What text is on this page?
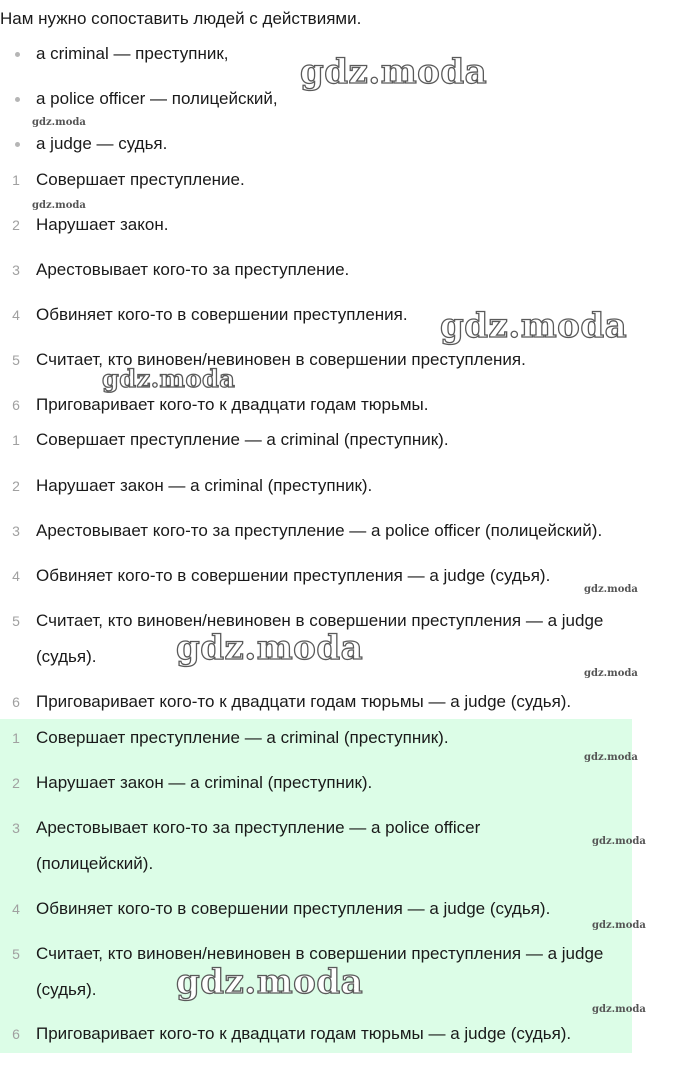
Нам нужно сопоставить людей с действиями.
a criminal — преступник,
a police officer — полицейский,
a judge — судья.
1 Совершает преступление.
2 Нарушает закон.
3 Арестовывает кого-то за преступление.
4 Обвиняет кого-то в совершении преступления.
5 Считает, кто виновен/невиновен в совершении преступления.
6 Приговаривает кого-то к двадцати годам тюрьмы.
1 Совершает преступление — a criminal (преступник).
2 Нарушает закон — a criminal (преступник).
3 Арестовывает кого-то за преступление — a police officer (полицейский).
4 Обвиняет кого-то в совершении преступления — a judge (судья).
5 Считает, кто виновен/невиновен в совершении преступления — a judge (судья).
6 Приговаривает кого-то к двадцати годам тюрьмы — a judge (судья).
1 Совершает преступление — a criminal (преступник).
2 Нарушает закон — a criminal (преступник).
3 Арестовывает кого-то за преступление — a police officer (полицейский).
4 Обвиняет кого-то в совершении преступления — a judge (судья).
5 Считает, кто виновен/невиновен в совершении преступления — a judge (судья).
6 Приговаривает кого-то к двадцати годам тюрьмы — a judge (судья).
gdz.moda
gdz.moda
gdz.moda
gdz.moda
gdz.moda
gdz.moda
gdz.moda
gdz.moda
gdz.moda
gdz.moda
gdz.moda
gdz.moda
gdz.moda
